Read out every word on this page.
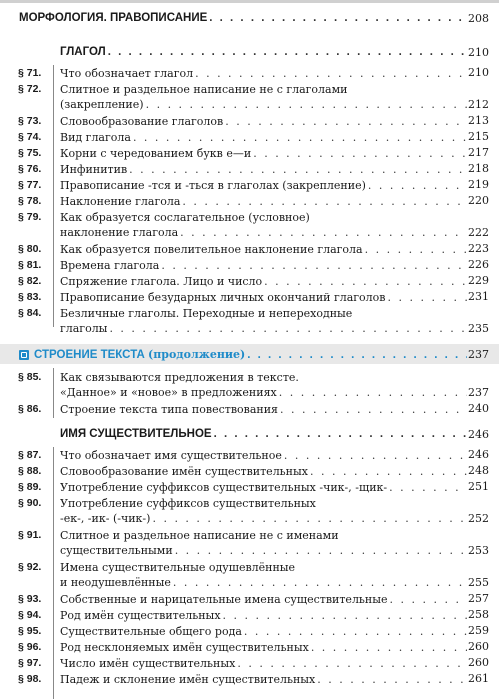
МОРФОЛОГИЯ. ПРАВОПИСАНИЕ . . .	208
ГЛАГОЛ . . .	210
§ 71.	Что обозначает глагол . . .	210
§ 72.	Слитное и раздельное написание не с глаголами
(закрепление) . . .	212
§ 73.	Словообразование глаголов . . .	213
§ 74.	Вид глагола . . .	215
§ 75.	Корни с чередованием букв е—и . . .	217
§ 76.	Инфинитив . . .	218
§ 77.	Правописание -тся и -ться в глаголах (закрепление) . . .	219
§ 78.	Наклонение глагола . . .	220
§ 79.	Как образуется сослагательное (условное)
наклонение глагола . . .	222
§ 80.	Как образуется повелительное наклонение глагола . . .	223
§ 81.	Времена глагола . . .	226
§ 82.	Спряжение глагола. Лицо и число . . .	229
§ 83.	Правописание безударных личных окончаний глаголов . . .	231
§ 84.	Безличные глаголы. Переходные и непереходные
глаголы . . .	235
СТРОЕНИЕ ТЕКСТА
(продолжение) . . .	237
§ 85.	Как связываются предложения в тексте.
«Данное» и «новое» в предложениях . . .	237
§ 86.	Строение текста типа повествования . . .	240
ИМЯ СУЩЕСТВИТЕЛЬНОЕ . . .	246
§ 87.	Что обозначает имя существительное . . .	246
§ 88.	Словообразование имён существительных . . .	248
§ 89.	Употребление суффиксов существительных -чик-, -щик- . . .	251
§ 90.	Употребление суффиксов существительных
-ек-, -ик- (-чик-) . . .	252
§ 91.	Слитное и раздельное написание не с именами
существительными . . .	253
§ 92.	Имена существительные одушевлённые
и неодушевлённые . . .	255
§ 93.	Собственные и нарицательные имена существительные . . .	257
§ 94.	Род имён существительных . . .	258
§ 95.	Существительные общего рода . . .	259
§ 96.	Род несклоняемых имён существительных . . .	260
§ 97.	Число имён существительных . . .	260
§ 98.	Падеж и склонение имён существительных . . .	261
